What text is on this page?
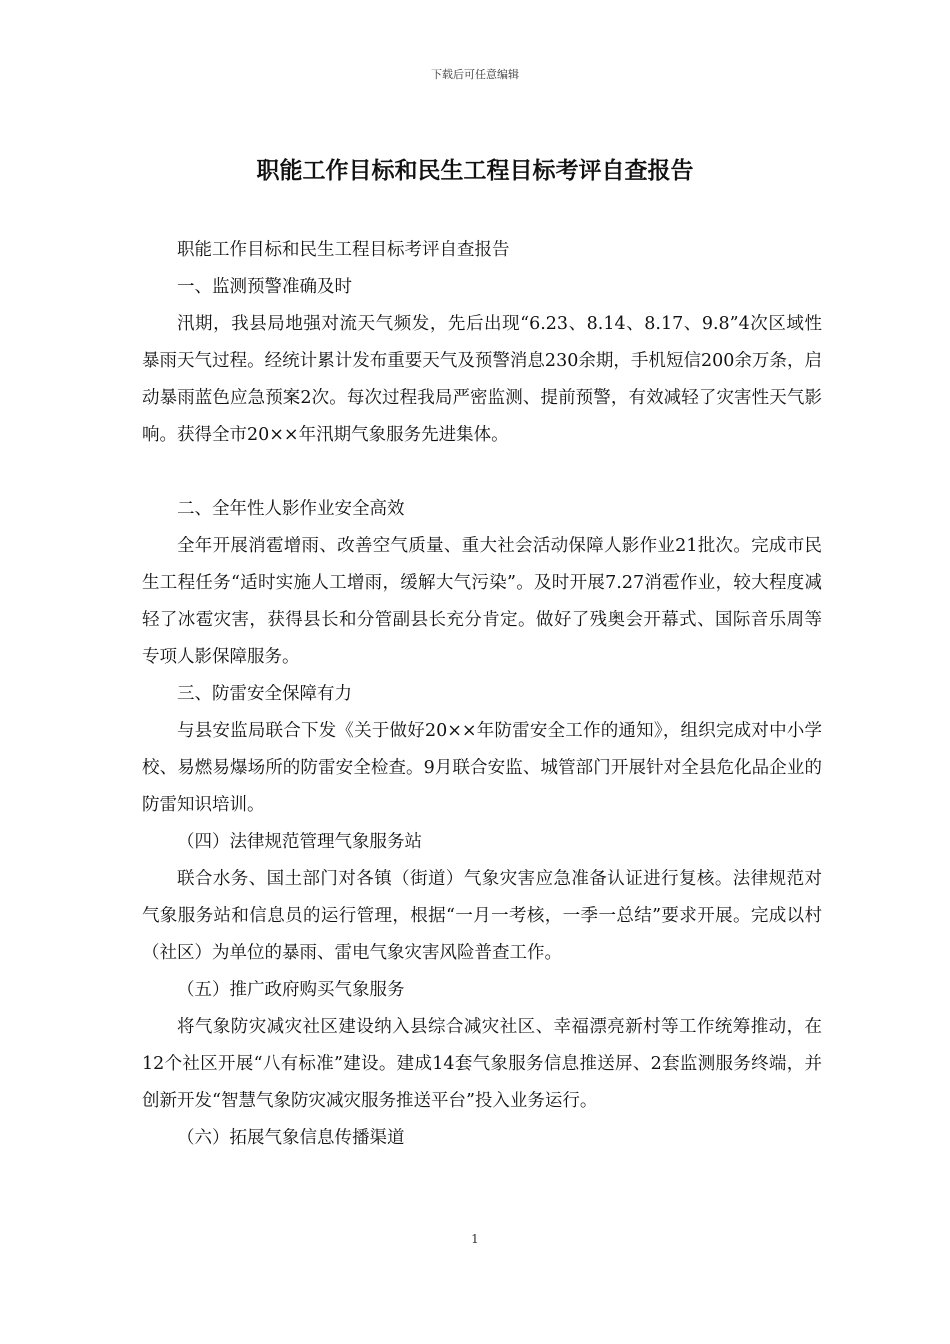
下载后可任意编辑
职能工作目标和民生工程目标考评自查报告

职能工作目标和民生工程目标考评自查报告

一、监测预警准确及时

汛期，我县局地强对流天气频发，先后出现“6.23、8.14、8.17、9.8”4次区域性暴雨天气过程。经统计累计发布重要天气及预警消息230余期，手机短信200余万条，启动暴雨蓝色应急预案2次。每次过程我局严密监测、提前预警，有效减轻了灾害性天气影响。获得全市20××年汛期气象服务先进集体。

二、全年性人影作业安全高效

全年开展消雹增雨、改善空气质量、重大社会活动保障人影作业21批次。完成市民生工程任务“适时实施人工增雨，缓解大气污染”。及时开展7.27消雹作业，较大程度减轻了冰雹灾害，获得县长和分管副县长充分肯定。做好了残奥会开幕式、国际音乐周等专项人影保障服务。

三、防雷安全保障有力

与县安监局联合下发《关于做好20××年防雷安全工作的通知》，组织完成对中小学校、易燃易爆场所的防雷安全检查。9月联合安监、城管部门开展针对全县危化品企业的防雷知识培训。

（四）法律规范管理气象服务站

联合水务、国土部门对各镇（街道）气象灾害应急准备认证进行复核。法律规范对气象服务站和信息员的运行管理，根据“一月一考核，一季一总结”要求开展。完成以村（社区）为单位的暴雨、雷电气象灾害风险普查工作。

（五）推广政府购买气象服务

将气象防灾减灾社区建设纳入县综合减灾社区、幸福漂亮新村等工作统筹推动，在12个社区开展“八有标准”建设。建成14套气象服务信息推送屏、2套监测服务终端，并创新开发“智慧气象防灾减灾服务推送平台”投入业务运行。

（六）拓展气象信息传播渠道

1
